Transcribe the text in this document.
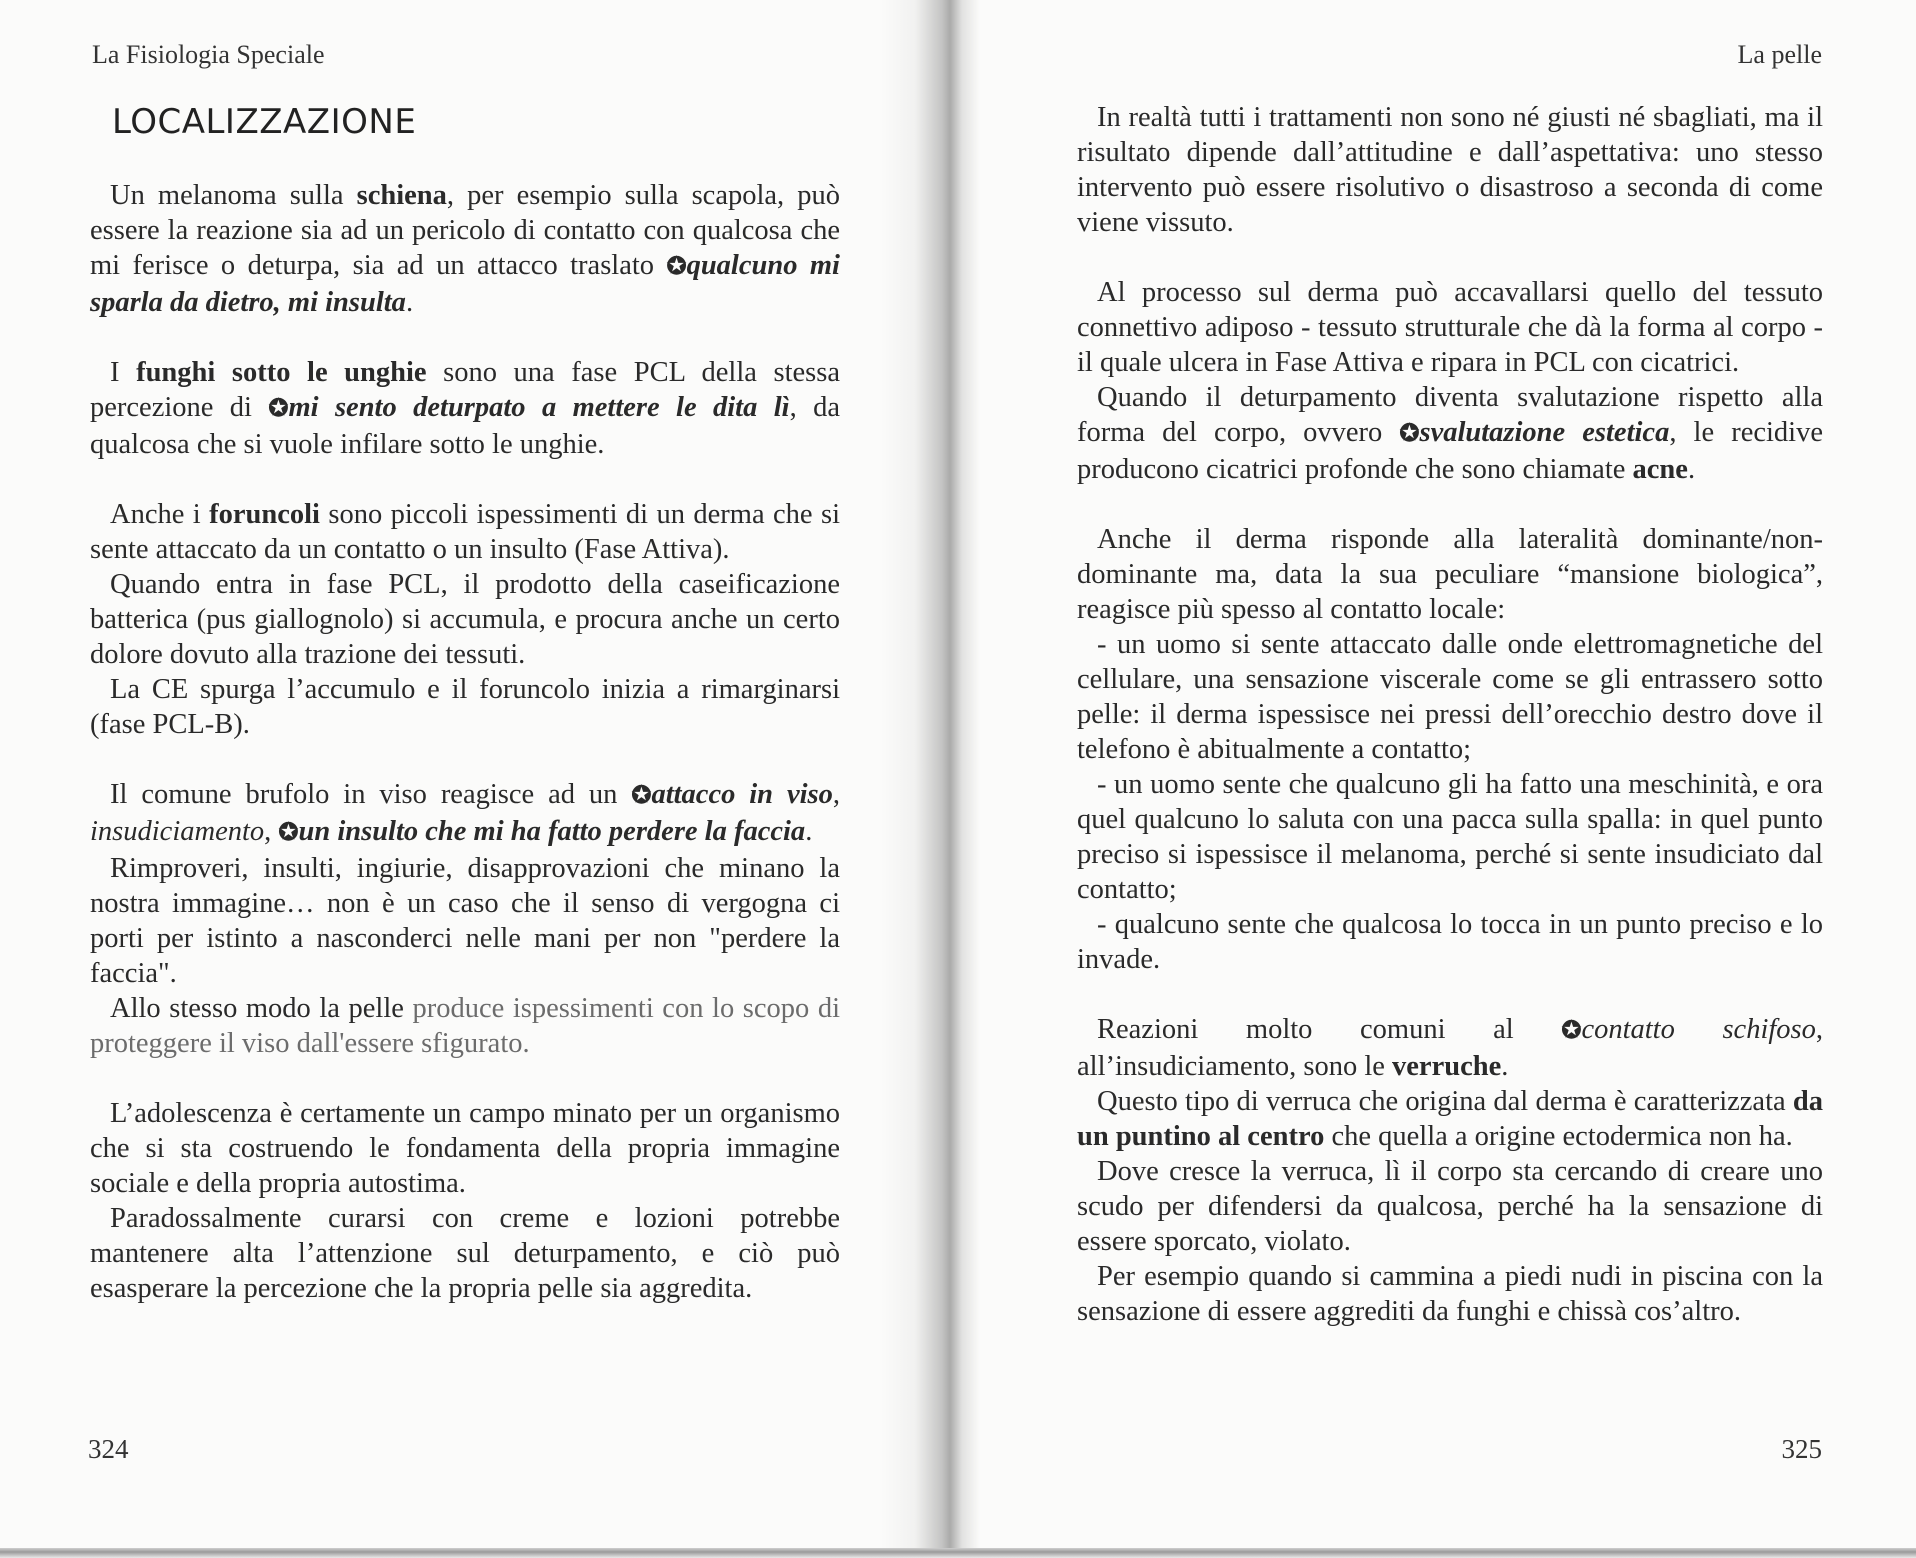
La Fisiologia Speciale
LOCALIZZAZIONE

Un melanoma sulla schiena, per esempio sulla scapola, può essere la reazione sia ad un pericolo di contatto con qualcosa che mi ferisce o deturpa, sia ad un attacco traslato ✪qualcuno mi sparla da dietro, mi insulta.

I funghi sotto le unghie sono una fase PCL della stessa percezione di ✪mi sento deturpato a mettere le dita lì, da qualcosa che si vuole infilare sotto le unghie.

Anche i foruncoli sono piccoli ispessimenti di un derma che si sente attaccato da un contatto o un insulto (Fase Attiva).

Quando entra in fase PCL, il prodotto della caseificazione batterica (pus giallognolo) si accumula, e procura anche un certo dolore dovuto alla trazione dei tessuti.

La CE spurga l’accumulo e il foruncolo inizia a rimarginarsi (fase PCL-B).

Il comune brufolo in viso reagisce ad un ✪attacco in viso, insudiciamento, ✪un insulto che mi ha fatto perdere la faccia.

Rimproveri, insulti, ingiurie, disapprovazioni che minano la nostra immagine… non è un caso che il senso di vergogna ci porti per istinto a nasconderci nelle mani per non "perdere la faccia".

Allo stesso modo la pelle produce ispessimenti con lo scopo di proteggere il viso dall'essere sfigurato.

L’adolescenza è certamente un campo minato per un organismo che si sta costruendo le fondamenta della propria immagine sociale e della propria autostima.

Paradossalmente curarsi con creme e lozioni potrebbe mantenere alta l’attenzione sul deturpamento, e ciò può esasperare la percezione che la propria pelle sia aggredita.

324
La pelle
325

In realtà tutti i trattamenti non sono né giusti né sbagliati, ma il risultato dipende dall’attitudine e dall’aspettativa: uno stesso intervento può essere risolutivo o disastroso a seconda di come viene vissuto.

Al processo sul derma può accavallarsi quello del tessuto connettivo adiposo - tessuto strutturale che dà la forma al corpo - il quale ulcera in Fase Attiva e ripara in PCL con cicatrici.

Quando il deturpamento diventa svalutazione rispetto alla forma del corpo, ovvero ✪svalutazione estetica, le recidive producono cicatrici profonde che sono chiamate acne.

Anche il derma risponde alla lateralità dominante/non-dominante ma, data la sua peculiare “mansione biologica”, reagisce più spesso al contatto locale:

- un uomo si sente attaccato dalle onde elettromagnetiche del cellulare, una sensazione viscerale come se gli entrassero sotto pelle: il derma ispessisce nei pressi dell’orecchio destro dove il telefono è abitualmente a contatto;

- un uomo sente che qualcuno gli ha fatto una meschinità, e ora quel qualcuno lo saluta con una pacca sulla spalla: in quel punto preciso si ispessisce il melanoma, perché si sente insudiciato dal contatto;

- qualcuno sente che qualcosa lo tocca in un punto preciso e lo invade.

Reazioni molto comuni al ✪contatto schifoso, all’insudiciamento, sono le verruche.

Questo tipo di verruca che origina dal derma è caratterizzata da un puntino al centro che quella a origine ectodermica non ha.

Dove cresce la verruca, lì il corpo sta cercando di creare uno scudo per difendersi da qualcosa, perché ha la sensazione di essere sporcato, violato.

Per esempio quando si cammina a piedi nudi in piscina con la sensazione di essere aggrediti da funghi e chissà cos’altro.
